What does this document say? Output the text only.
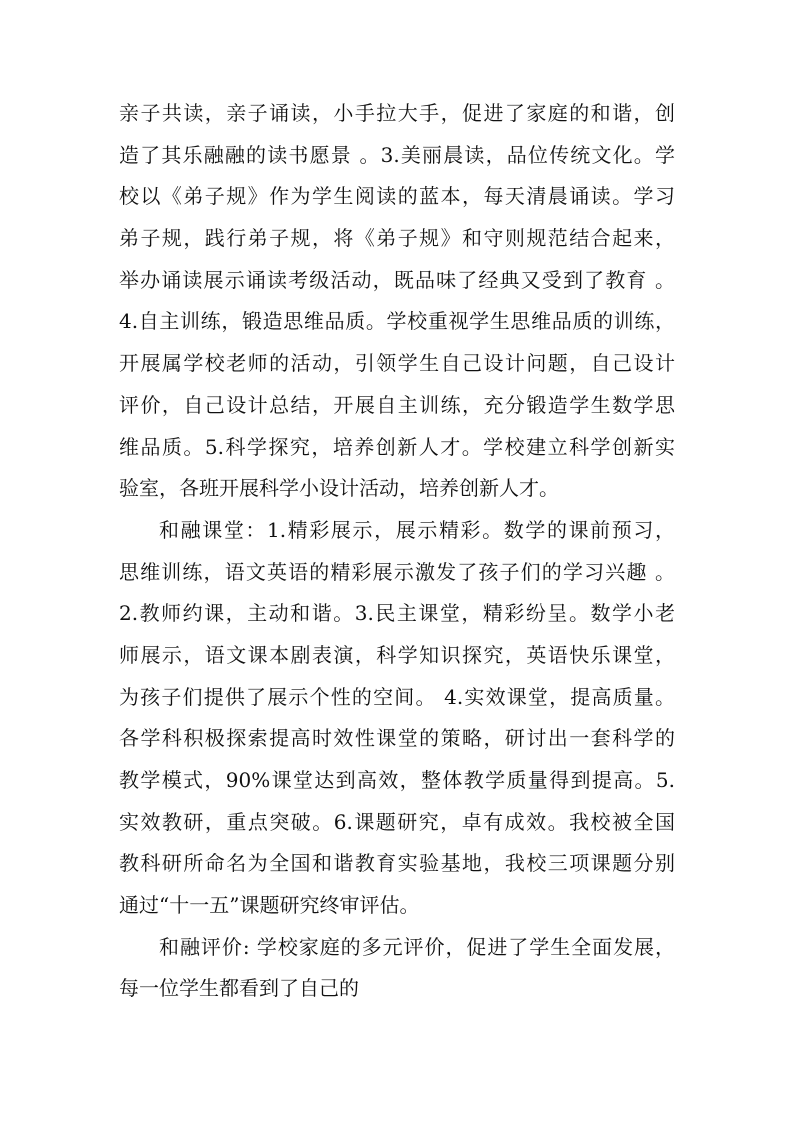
亲子共读，亲子诵读，小手拉大手，促进了家庭的和谐，创
造了其乐融融的读书愿景 。3.美丽晨读，品位传统文化。学
校以《弟子规》作为学生阅读的蓝本，每天清晨诵读。学习
弟子规，践行弟子规，将《弟子规》和守则规范结合起来，
举办诵读展示诵读考级活动，既品味了经典又受到了教育 。
4.自主训练，锻造思维品质。学校重视学生思维品质的训练，
开展属学校老师的活动，引领学生自己设计问题，自己设计
评价，自己设计总结，开展自主训练，充分锻造学生数学思
维品质。5.科学探究，培养创新人才。学校建立科学创新实
验室，各班开展科学小设计活动，培养创新人才。
和融课堂：1.精彩展示，展示精彩。数学的课前预习，
思维训练，语文英语的精彩展示激发了孩子们的学习兴趣 。
2.教师约课，主动和谐。3.民主课堂，精彩纷呈。数学小老
师展示，语文课本剧表演，科学知识探究，英语快乐课堂，
为孩子们提供了展示个性的空间。 4.实效课堂，提高质量。
各学科积极探索提高时效性课堂的策略，研讨出一套科学的
教学模式，90%课堂达到高效，整体教学质量得到提高。5.
实效教研，重点突破。6.课题研究，卓有成效。我校被全国
教科研所命名为全国和谐教育实验基地，我校三项课题分别
通过“十一五”课题研究终审评估。
和融评价: 学校家庭的多元评价，促进了学生全面发展，
每一位学生都看到了自己的
